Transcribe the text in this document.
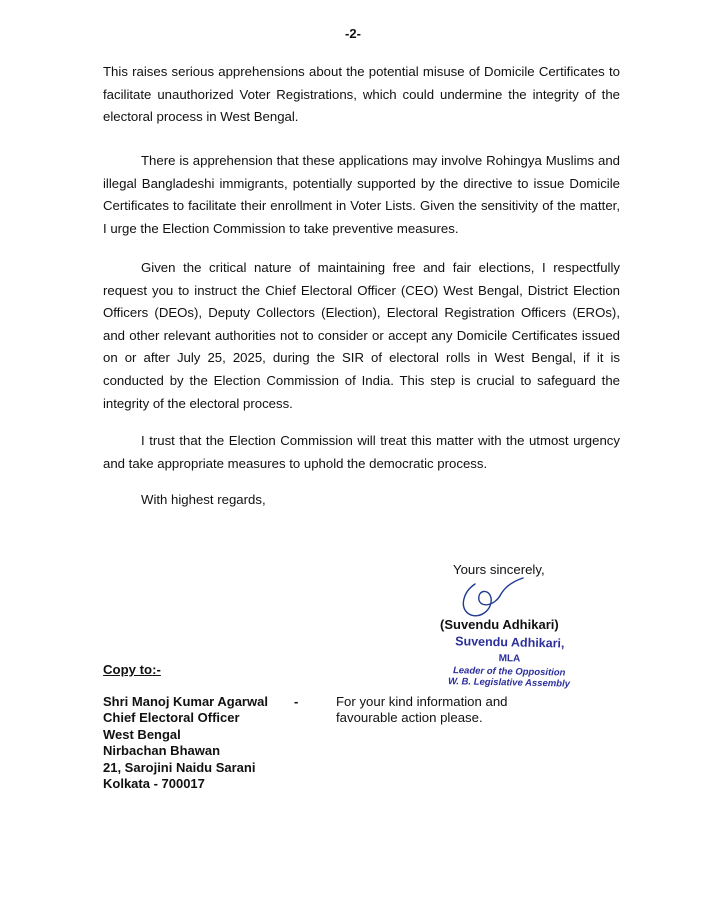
-2-

This raises serious apprehensions about the potential misuse of Domicile Certificates to facilitate unauthorized Voter Registrations, which could undermine the integrity of the electoral process in West Bengal.

There is apprehension that these applications may involve Rohingya Muslims and illegal Bangladeshi immigrants, potentially supported by the directive to issue Domicile Certificates to facilitate their enrollment in Voter Lists. Given the sensitivity of the matter, I urge the Election Commission to take preventive measures.

Given the critical nature of maintaining free and fair elections, I respectfully request you to instruct the Chief Electoral Officer (CEO) West Bengal, District Election Officers (DEOs), Deputy Collectors (Election), Electoral Registration Officers (EROs), and other relevant authorities not to consider or accept any Domicile Certificates issued on or after July 25, 2025, during the SIR of electoral rolls in West Bengal, if it is conducted by the Election Commission of India. This step is crucial to safeguard the integrity of the electoral process.

I trust that the Election Commission will treat this matter with the utmost urgency and take appropriate measures to uphold the democratic process.

With highest regards,
Yours sincerely,
(Suvendu Adhikari)
Suvendu Adhikari, MLA
Leader of the Opposition
W. B. Legislative Assembly
Copy to:-
Shri Manoj Kumar Agarwal
Chief Electoral Officer
West Bengal
Nirbachan Bhawan
21, Sarojini Naidu Sarani
Kolkata - 700017
-	For your kind information and
favourable action please.
